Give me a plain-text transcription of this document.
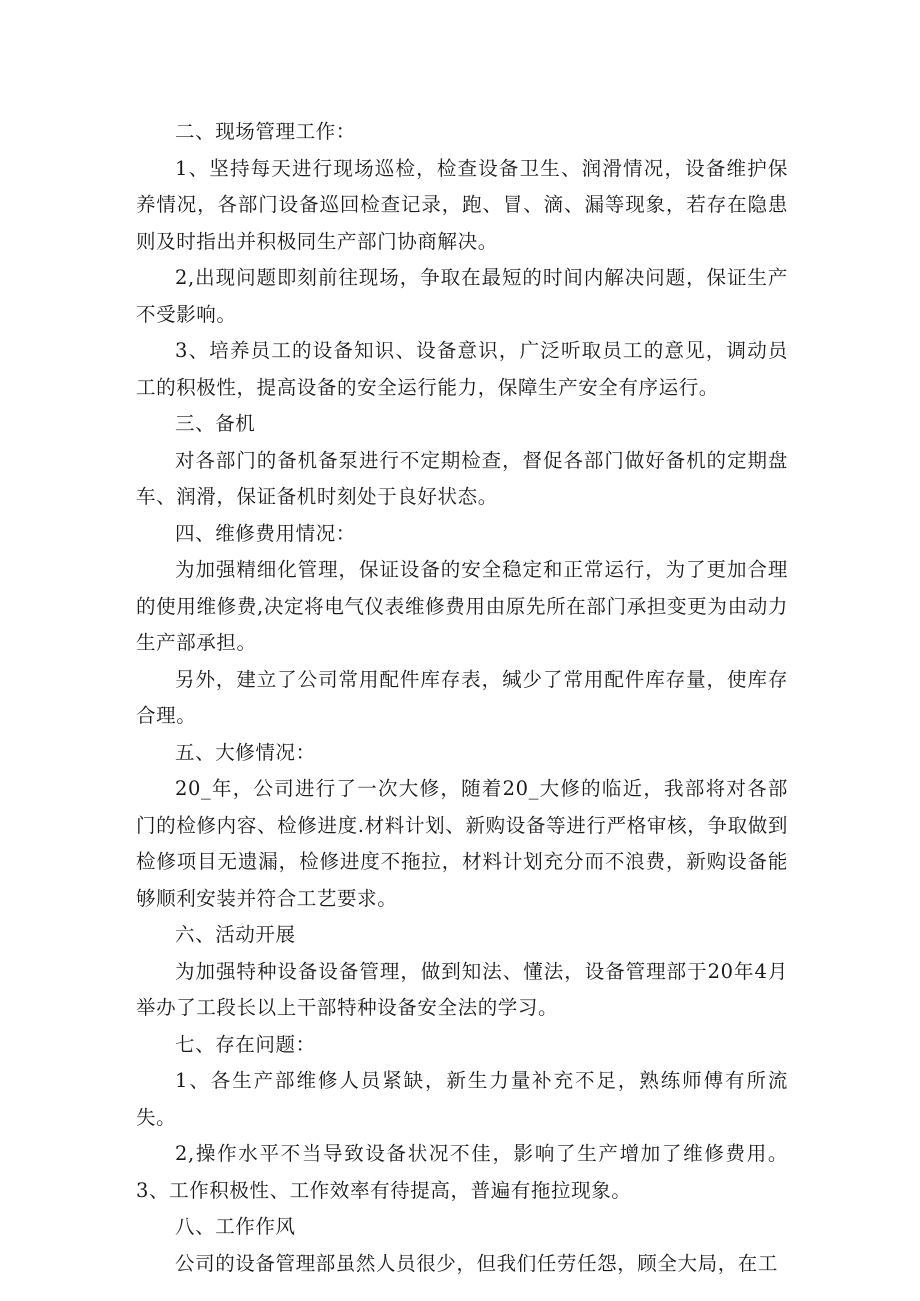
二、现场管理工作：

1、坚持每天进行现场巡检，检查设备卫生、润滑情况，设备维护保养情况，各部门设备巡回检查记录，跑、冒、滴、漏等现象，若存在隐患则及时指出并积极同生产部门协商解决。

2,出现问题即刻前往现场，争取在最短的时间内解决问题，保证生产不受影响。

3、培养员工的设备知识、设备意识，广泛听取员工的意见，调动员工的积极性，提高设备的安全运行能力，保障生产安全有序运行。

三、备机

对各部门的备机备泵进行不定期检查，督促各部门做好备机的定期盘车、润滑，保证备机时刻处于良好状态。

四、维修费用情况：

为加强精细化管理，保证设备的安全稳定和正常运行，为了更加合理的使用维修费,决定将电气仪表维修费用由原先所在部门承担变更为由动力生产部承担。

另外，建立了公司常用配件库存表，缄少了常用配件库存量，使库存合理。

五、大修情况：

20_年，公司进行了一次大修，随着20_大修的临近，我部将对各部门的检修内容、检修进度.材料计划、新购设备等进行严格审核，争取做到检修项目无遗漏，检修进度不拖拉，材料计划充分而不浪费，新购设备能够顺利安装并符合工艺要求。

六、活动开展

为加强特种设备设备管理，做到知法、懂法，设备管理部于20年4月举办了工段长以上干部特种设备安全法的学习。

七、存在问题：

1、各生产部维修人员紧缺，新生力量补充不足，熟练师傅有所流失。

2,操作水平不当导致设备状况不佳，影响了生产增加了维修费用。3、工作积极性、工作效率有待提高，普遍有拖拉现象。

八、工作作风

公司的设备管理部虽然人员很少，但我们任劳任怨，顾全大局，在工
